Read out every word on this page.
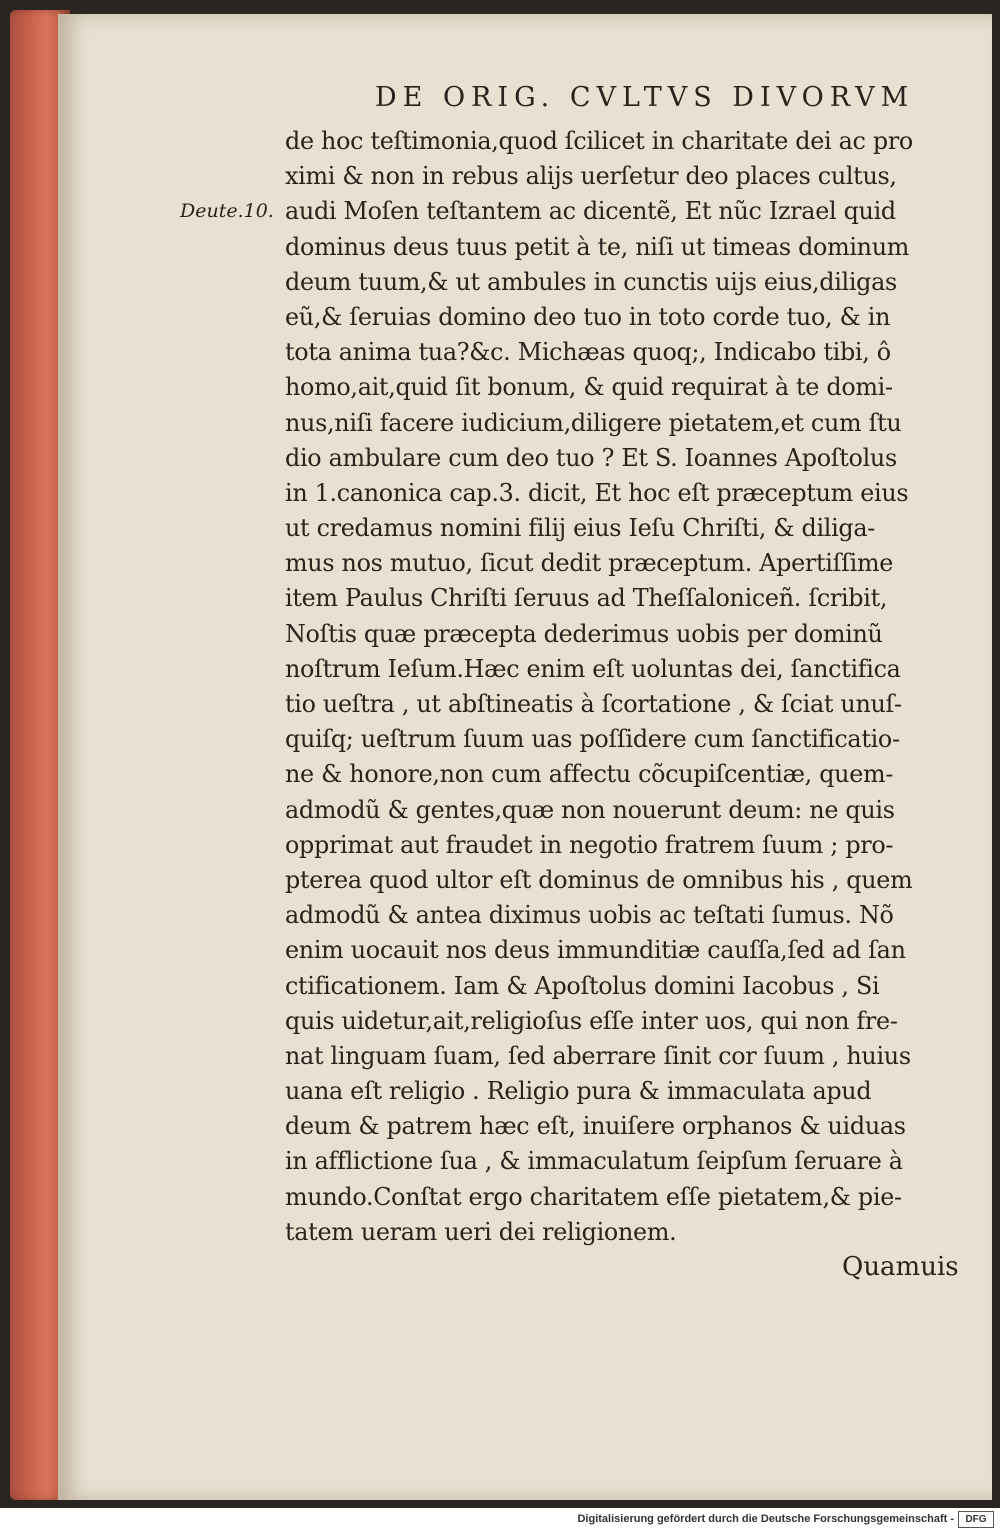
DE ORIG. CVLTVS DIVORVM
Deute.10.
de hoc teſtimonia,quod ſcilicet in charitate dei ac pro
ximi & non in rebus alijs uerſetur deo places cultus,
audi Moſen teſtantem ac dicentẽ, Et nũc Izrael quid
dominus deus tuus petit à te, niſi ut timeas dominum
deum tuum,& ut ambules in cunctis uijs eius,diligas
eũ,& ſeruias domino deo tuo in toto corde tuo, & in
tota anima tua?&c. Michæas quoq;, Indicabo tibi, ô
homo,ait,quid ſit bonum, & quid requirat à te domi-
nus,niſi facere iudicium,diligere pietatem,et cum ſtu
dio ambulare cum deo tuo ? Et S. Ioannes Apoſtolus
in 1.canonica cap.3. dicit, Et hoc eſt præceptum eius
ut credamus nomini filij eius Ieſu Chriſti, & diliga-
mus nos mutuo, ſicut dedit præceptum. Apertiſſime
item Paulus Chriſti ſeruus ad Theſſaloniceñ. ſcribit,
Noſtis quæ præcepta dederimus uobis per dominũ
noſtrum Ieſum.Hæc enim eſt uoluntas dei, ſanctifica
tio ueſtra , ut abſtineatis à ſcortatione , & ſciat unuſ-
quiſq; ueſtrum ſuum uas poſſidere cum ſanctificatio-
ne & honore,non cum affectu cõcupiſcentiæ, quem-
admodũ & gentes,quæ non nouerunt deum: ne quis
opprimat aut fraudet in negotio fratrem ſuum ; pro-
pterea quod ultor eſt dominus de omnibus his , quem
admodũ & antea diximus uobis ac teſtati ſumus. Nõ
enim uocauit nos deus immunditiæ cauſſa,ſed ad ſan
ctificationem. Iam & Apoſtolus domini Iacobus , Si
quis uidetur,ait,religioſus eſſe inter uos, qui non fre-
nat linguam ſuam, ſed aberrare ſinit cor ſuum , huius
uana eſt religio . Religio pura & immaculata apud
deum & patrem hæc eſt, inuiſere orphanos & uiduas
in afflictione ſua , & immaculatum ſeipſum ſeruare à
mundo.Conſtat ergo charitatem eſſe pietatem,& pie-
tatem ueram ueri dei religionem.
Quamuis
Digitalisierung gefördert durch die Deutsche Forschungsgemeinschaft -	DFG
